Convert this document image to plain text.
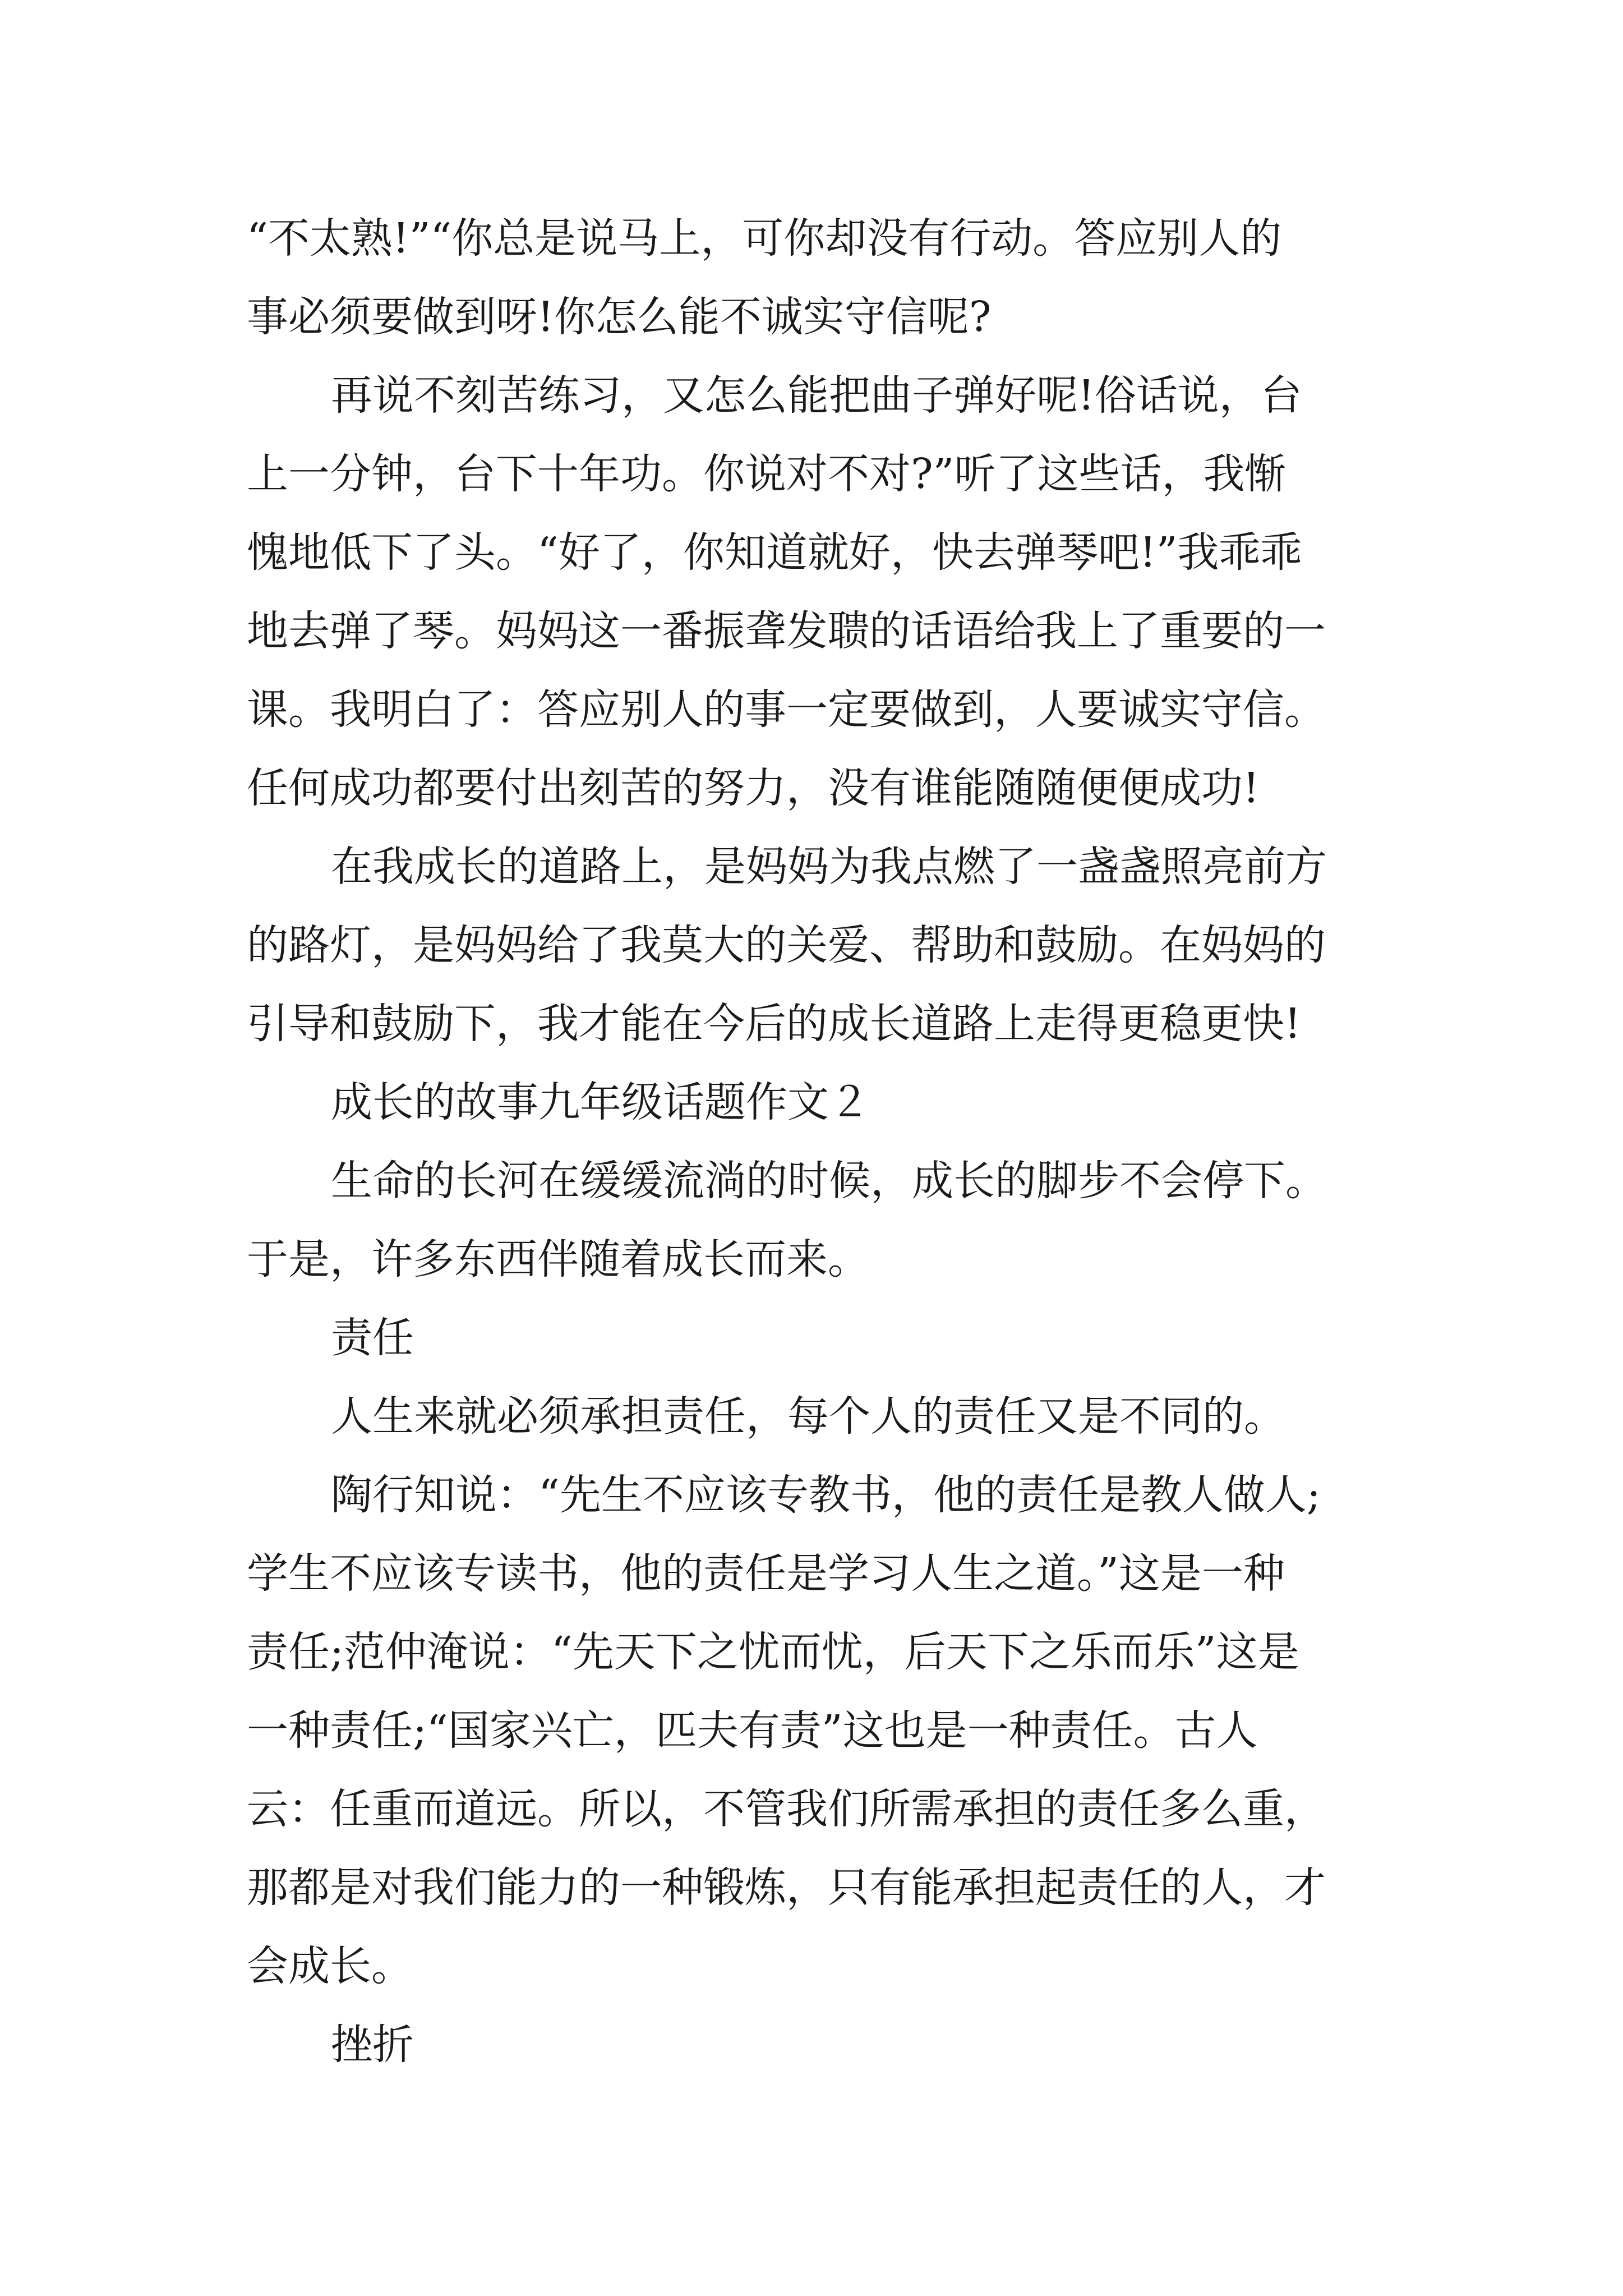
“不太熟!”“你总是说马上，可你却没有行动。答应别人的

事必须要做到呀!你怎么能不诚实守信呢?

再说不刻苦练习，又怎么能把曲子弹好呢!俗话说，台

上一分钟，台下十年功。你说对不对?”听了这些话，我惭

愧地低下了头。“好了，你知道就好，快去弹琴吧!”我乖乖

地去弹了琴。妈妈这一番振聋发聩的话语给我上了重要的一

课。我明白了：答应别人的事一定要做到，人要诚实守信。

任何成功都要付出刻苦的努力，没有谁能随随便便成功!

在我成长的道路上，是妈妈为我点燃了一盏盏照亮前方

的路灯，是妈妈给了我莫大的关爱、帮助和鼓励。在妈妈的

引导和鼓励下，我才能在今后的成长道路上走得更稳更快!

成长的故事九年级话题作文２

生命的长河在缓缓流淌的时候，成长的脚步不会停下。

于是，许多东西伴随着成长而来。

责任

人生来就必须承担责任，每个人的责任又是不同的。

陶行知说：“先生不应该专教书，他的责任是教人做人;

学生不应该专读书，他的责任是学习人生之道。”这是一种

责任;范仲淹说：“先天下之忧而忧，后天下之乐而乐”这是

一种责任;“国家兴亡，匹夫有责”这也是一种责任。古人

云：任重而道远。所以，不管我们所需承担的责任多么重，

那都是对我们能力的一种锻炼，只有能承担起责任的人，才

会成长。

挫折
